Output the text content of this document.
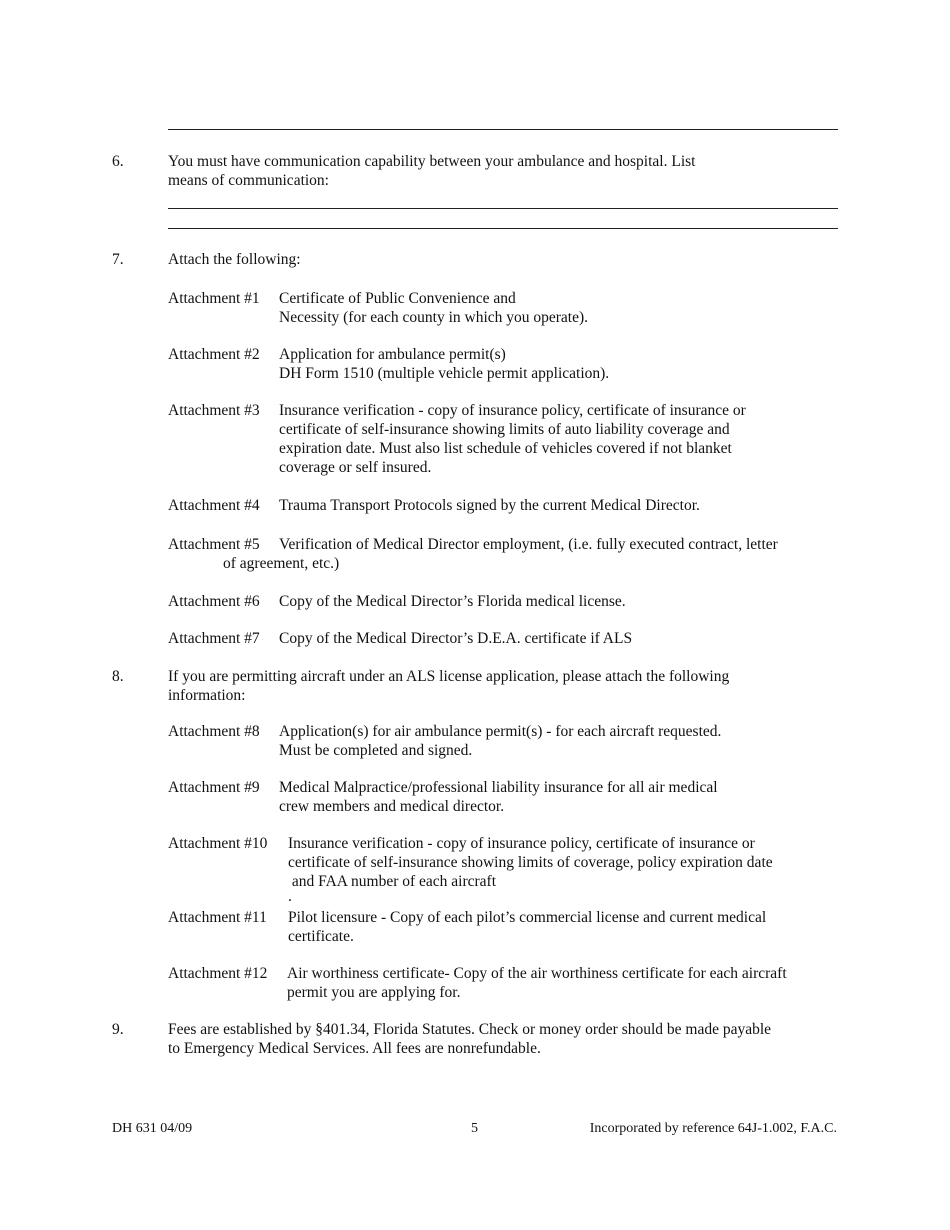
6.	You must have communication capability between your ambulance and hospital. List
means of communication:
7.	Attach the following:
Attachment #1 Certificate of Public Convenience and
Necessity (for each county in which you operate).
Attachment #2 Application for ambulance permit(s)
DH Form 1510 (multiple vehicle permit application).
Attachment #3 Insurance verification - copy of insurance policy, certificate of insurance or
certificate of self-insurance showing limits of auto liability coverage and
expiration date. Must also list schedule of vehicles covered if not blanket
coverage or self insured.
Attachment #4 Trauma Transport Protocols signed by the current Medical Director.
Attachment #5 Verification of Medical Director employment, (i.e. fully executed contract, letter
of agreement, etc.)
Attachment #6 Copy of the Medical Director’s Florida medical license.
Attachment #7 Copy of the Medical Director’s D.E.A. certificate if ALS
8.	If you are permitting aircraft under an ALS license application, please attach the following
information:
Attachment #8 Application(s) for air ambulance permit(s) - for each aircraft requested.
Must be completed and signed.
Attachment #9 Medical Malpractice/professional liability insurance for all air medical
crew members and medical director.
Attachment #10 Insurance verification - copy of insurance policy, certificate of insurance or
certificate of self-insurance showing limits of coverage, policy expiration date
and FAA number of each aircraft
.
Attachment #11 Pilot licensure - Copy of each pilot’s commercial license and current medical
certificate.
Attachment #12 Air worthiness certificate- Copy of the air worthiness certificate for each aircraft
permit you are applying for.
9.	Fees are established by §401.34, Florida Statutes. Check or money order should be made payable
to Emergency Medical Services. All fees are nonrefundable.
DH 631 04/09	5	Incorporated by reference 64J-1.002, F.A.C.
